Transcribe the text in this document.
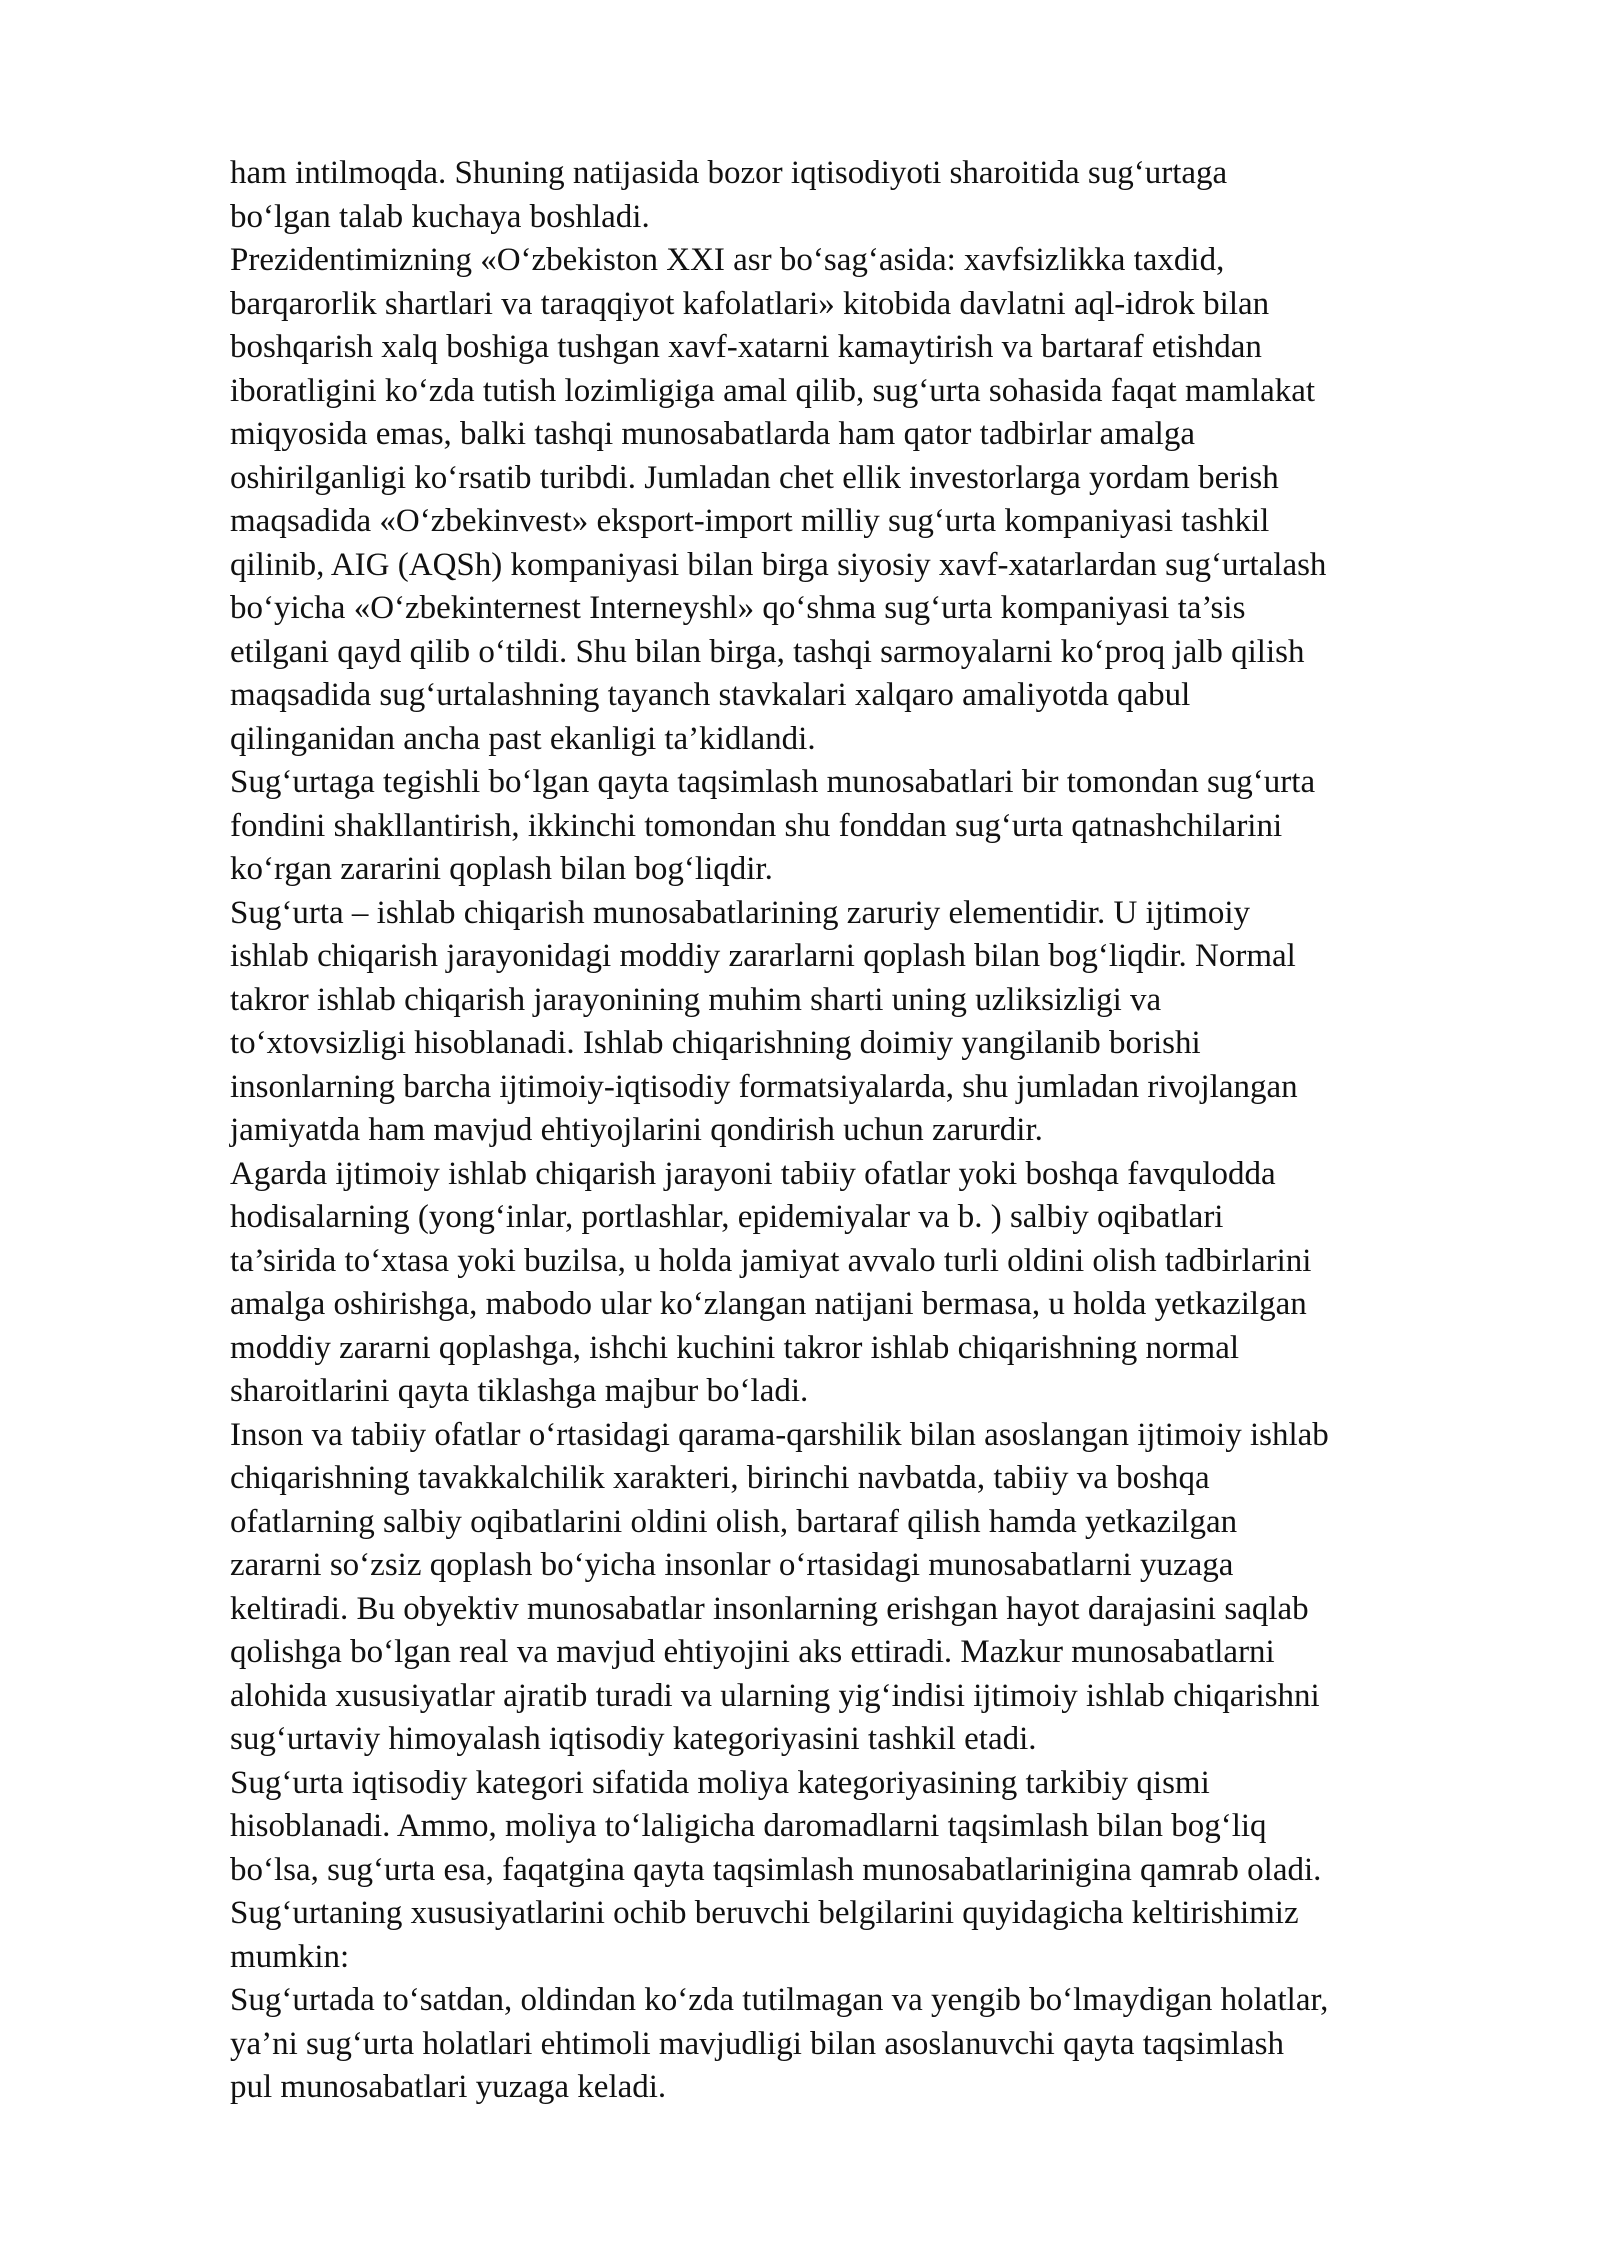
ham intilmoqda. Shuning natijasida bozor iqtisodiyoti sharoitida sug‘urtaga
bo‘lgan talab kuchaya boshladi.
Prezidentimizning «O‘zbekiston XXI asr bo‘sag‘asida: xavfsizlikka taxdid,
barqarorlik shartlari va taraqqiyot kafolatlari» kitobida davlatni aql-idrok bilan
boshqarish xalq boshiga tushgan xavf-xatarni kamaytirish va bartaraf etishdan
iboratligini ko‘zda tutish lozimligiga amal qilib, sug‘urta sohasida faqat mamlakat
miqyosida emas, balki tashqi munosabatlarda ham qator tadbirlar amalga
oshirilganligi ko‘rsatib turibdi. Jumladan chet ellik investorlarga yordam berish
maqsadida «O‘zbekinvest» eksport-import milliy sug‘urta kompaniyasi tashkil
qilinib, AIG (AQSh) kompaniyasi bilan birga siyosiy xavf-xatarlardan sug‘urtalash
bo‘yicha «O‘zbekinternest Interneyshl» qo‘shma sug‘urta kompaniyasi ta’sis
etilgani qayd qilib o‘tildi. Shu bilan birga, tashqi sarmoyalarni ko‘proq jalb qilish
maqsadida sug‘urtalashning tayanch stavkalari xalqaro amaliyotda qabul
qilinganidan ancha past ekanligi ta’kidlandi.
Sug‘urtaga tegishli bo‘lgan qayta taqsimlash munosabatlari bir tomondan sug‘urta
fondini shakllantirish, ikkinchi tomondan shu fonddan sug‘urta qatnashchilarini
ko‘rgan zararini qoplash bilan bog‘liqdir.
Sug‘urta – ishlab chiqarish munosabatlarining zaruriy elementidir. U ijtimoiy
ishlab chiqarish jarayonidagi moddiy zararlarni qoplash bilan bog‘liqdir. Normal
takror ishlab chiqarish jarayonining muhim sharti uning uzliksizligi va
to‘xtovsizligi hisoblanadi. Ishlab chiqarishning doimiy yangilanib borishi
insonlarning barcha ijtimoiy-iqtisodiy formatsiyalarda, shu jumladan rivojlangan
jamiyatda ham mavjud ehtiyojlarini qondirish uchun zarurdir.
Agarda ijtimoiy ishlab chiqarish jarayoni tabiiy ofatlar yoki boshqa favqulodda
hodisalarning (yong‘inlar, portlashlar, epidemiyalar va b. ) salbiy oqibatlari
ta’sirida to‘xtasa yoki buzilsa, u holda jamiyat avvalo turli oldini olish tadbirlarini
amalga oshirishga, mabodo ular ko‘zlangan natijani bermasa, u holda yetkazilgan
moddiy zararni qoplashga, ishchi kuchini takror ishlab chiqarishning normal
sharoitlarini qayta tiklashga majbur bo‘ladi.
Inson va tabiiy ofatlar o‘rtasidagi qarama-qarshilik bilan asoslangan ijtimoiy ishlab
chiqarishning tavakkalchilik xarakteri, birinchi navbatda, tabiiy va boshqa
ofatlarning salbiy oqibatlarini oldini olish, bartaraf qilish hamda yetkazilgan
zararni so‘zsiz qoplash bo‘yicha insonlar o‘rtasidagi munosabatlarni yuzaga
keltiradi. Bu obyektiv munosabatlar insonlarning erishgan hayot darajasini saqlab
qolishga bo‘lgan real va mavjud ehtiyojini aks ettiradi. Mazkur munosabatlarni
alohida xususiyatlar ajratib turadi va ularning yig‘indisi ijtimoiy ishlab chiqarishni
sug‘urtaviy himoyalash iqtisodiy kategoriyasini tashkil etadi.
Sug‘urta iqtisodiy kategori sifatida moliya kategoriyasining tarkibiy qismi
hisoblanadi. Ammo, moliya to‘laligicha daromadlarni taqsimlash bilan bog‘liq
bo‘lsa, sug‘urta esa, faqatgina qayta taqsimlash munosabatlarinigina qamrab oladi.
Sug‘urtaning xususiyatlarini ochib beruvchi belgilarini quyidagicha keltirishimiz
mumkin:
Sug‘urtada to‘satdan, oldindan ko‘zda tutilmagan va yengib bo‘lmaydigan holatlar,
ya’ni sug‘urta holatlari ehtimoli mavjudligi bilan asoslanuvchi qayta taqsimlash
pul munosabatlari yuzaga keladi.
